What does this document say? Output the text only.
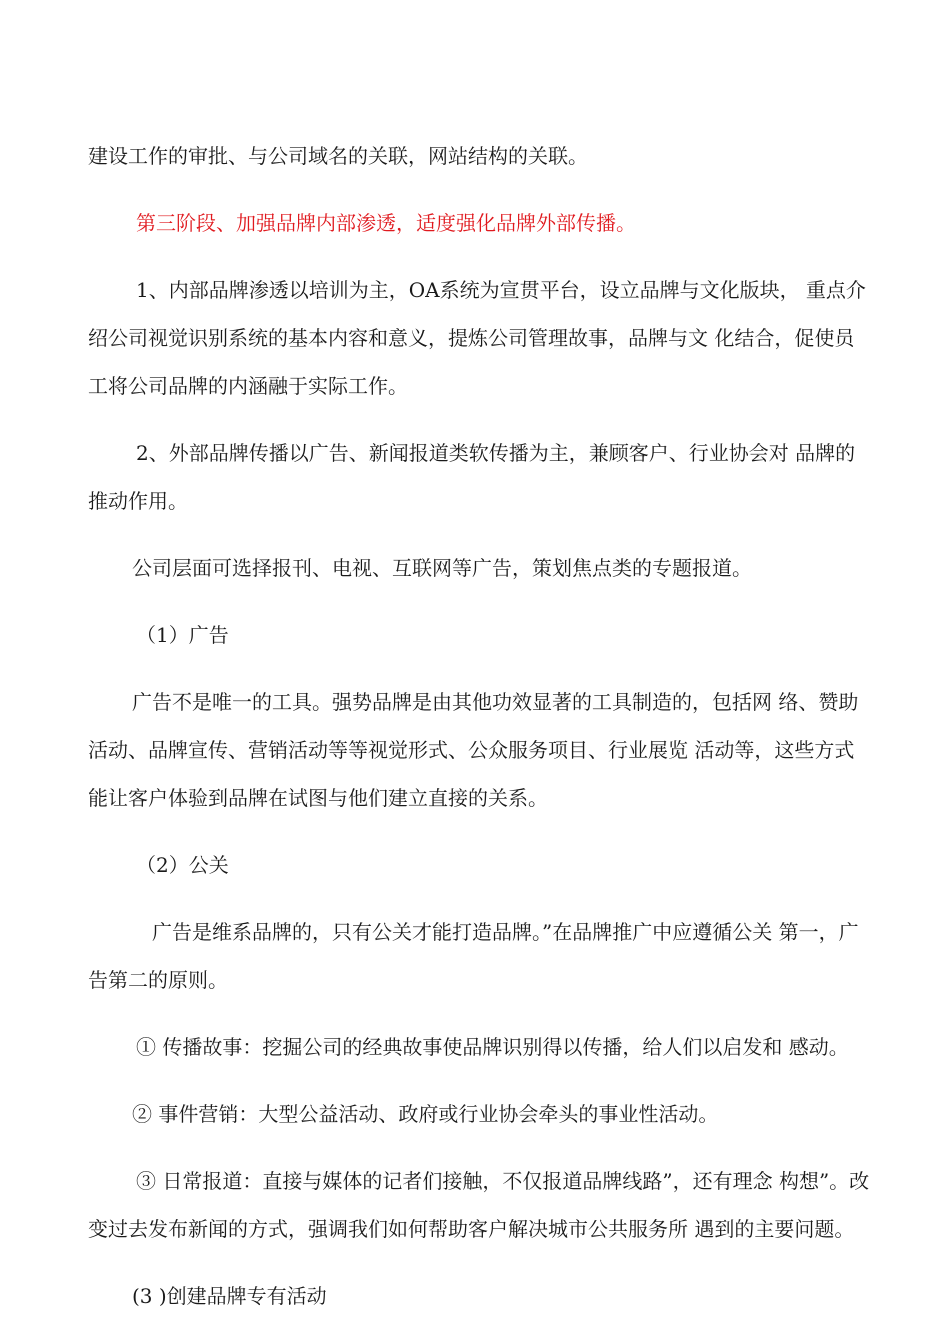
建设工作的审批、与公司域名的关联，网站结构的关联。

第三阶段、加强品牌内部渗透，适度强化品牌外部传播。

1、内部品牌渗透以培训为主，OA系统为宣贯平台，设立品牌与文化版块， 重点介绍公司视觉识别系统的基本内容和意义，提炼公司管理故事，品牌与文 化结合，促使员工将公司品牌的内涵融于实际工作。

2、外部品牌传播以广告、新闻报道类软传播为主，兼顾客户、行业协会对 品牌的推动作用。

公司层面可选择报刊、电视、互联网等广告，策划焦点类的专题报道。

（1）广告

广告不是唯一的工具。强势品牌是由其他功效显著的工具制造的，包括网 络、赞助活动、品牌宣传、营销活动等等视觉形式、公众服务项目、行业展览 活动等，这些方式能让客户体验到品牌在试图与他们建立直接的关系。

（2）公关

广告是维系品牌的，只有公关才能打造品牌。”在品牌推广中应遵循公关 第一，广告第二的原则。

① 传播故事：挖掘公司的经典故事使品牌识别得以传播，给人们以启发和 感动。

② 事件营销：大型公益活动、政府或行业协会牵头的事业性活动。

③ 日常报道：直接与媒体的记者们接触，不仅报道品牌线路”，还有理念 构想”。改变过去发布新闻的方式，强调我们如何帮助客户解决城市公共服务所 遇到的主要问题。

(3 )创建品牌专有活动
